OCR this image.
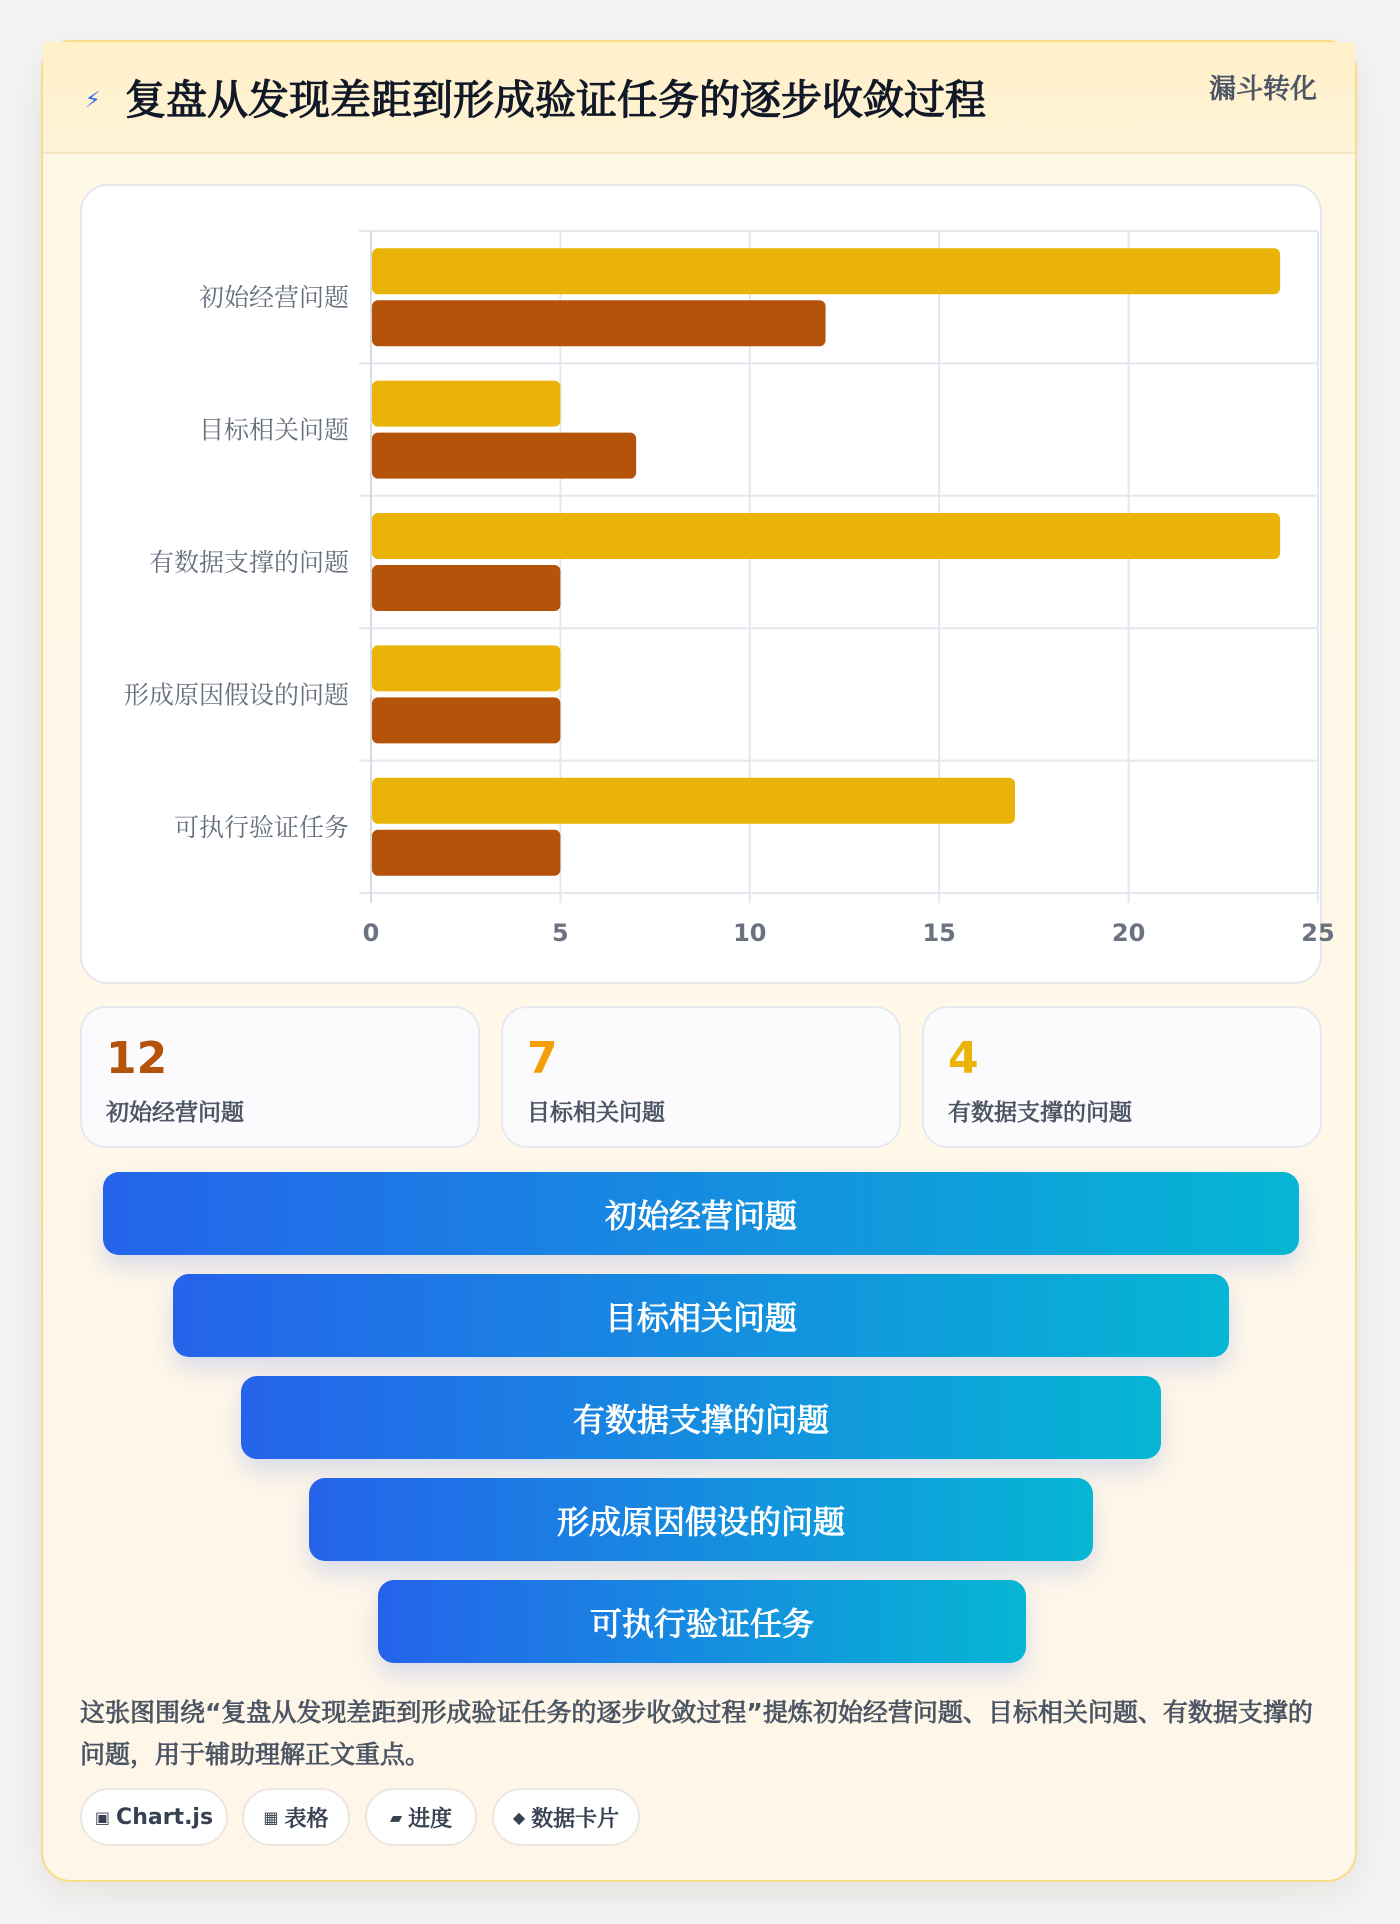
⚡ 复盘从发现差距到形成验证任务的逐步收敛过程	漏斗转化
初始经营问题
目标相关问题
有数据支撑的问题
形成原因假设的问题
可执行验证任务
0	5	10	15	20	25
12
初始经营问题
7
目标相关问题
4
有数据支撑的问题
初始经营问题
目标相关问题
有数据支撑的问题
形成原因假设的问题
可执行验证任务

这张图围绕“复盘从发现差距到形成验证任务的逐步收敛过程”提炼初始经营问题、目标相关问题、有数据支撑的问题，用于辅助理解正文重点。

▣ Chart.js	▦ 表格	▰ 进度	◆ 数据卡片
